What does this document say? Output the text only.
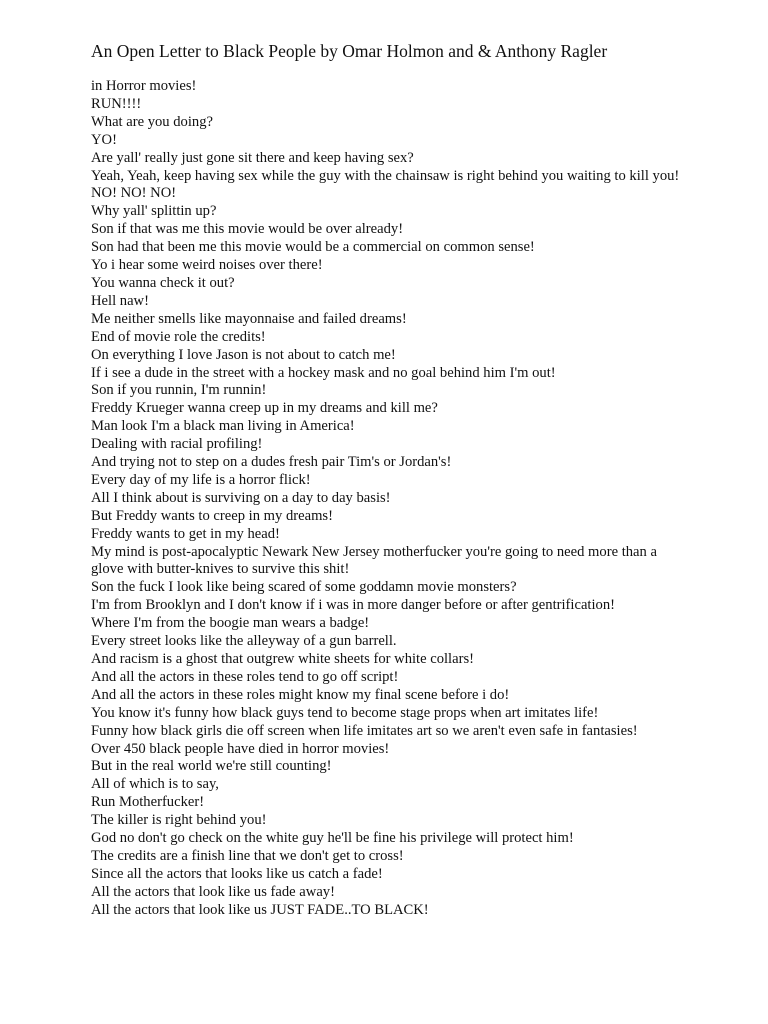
An Open Letter to Black People by Omar Holmon and & Anthony Ragler
in Horror movies!
RUN!!!!
What are you doing?
YO!
Are yall' really just gone sit there and keep having sex?
Yeah, Yeah, keep having sex while the guy with the chainsaw is right behind you waiting to kill you!
NO! NO! NO!
Why yall' splittin up?
Son if that was me this movie would be over already!
Son had that been me this movie would be a commercial on common sense!
Yo i hear some weird noises over there!
You wanna check it out?
Hell naw!
Me neither smells like mayonnaise and failed dreams!
End of movie role the credits!
On everything I love Jason is not about to catch me!
If i see a dude in the street with a hockey mask and no goal behind him I'm out!
Son if you runnin, I'm runnin!
Freddy Krueger wanna creep up in my dreams and kill me?
Man look I'm a black man living in America!
Dealing with racial profiling!
And trying not to step on a dudes fresh pair Tim's or Jordan's!
Every day of my life is a horror flick!
All I think about is surviving on a day to day basis!
But Freddy wants to creep in my dreams!
Freddy wants to get in my head!
My mind is post-apocalyptic Newark New Jersey motherfucker you're going to need more than a glove with butter-knives to survive this shit!
Son the fuck I look like being scared of some goddamn movie monsters?
I'm from Brooklyn and I don't know if i was in more danger before or after gentrification!
Where I'm from the boogie man wears a badge!
Every street looks like the alleyway of a gun barrell.
And racism is a ghost that outgrew white sheets for white collars!
And all the actors in these roles tend to go off script!
And all the actors in these roles might know my final scene before i do!
You know it's funny how black guys tend to become stage props when art imitates life!
Funny how black girls die off screen when life imitates art so we aren't even safe in fantasies!
Over 450 black people have died in horror movies!
But in the real world we're still counting!
All of which is to say,
Run Motherfucker!
The killer is right behind you!
God no don't go check on the white guy he'll be fine his privilege will protect him!
The credits are a finish line that we don't get to cross!
Since all the actors that looks like us catch a fade!
All the actors that look like us fade away!
All the actors that look like us JUST FADE..TO BLACK!
